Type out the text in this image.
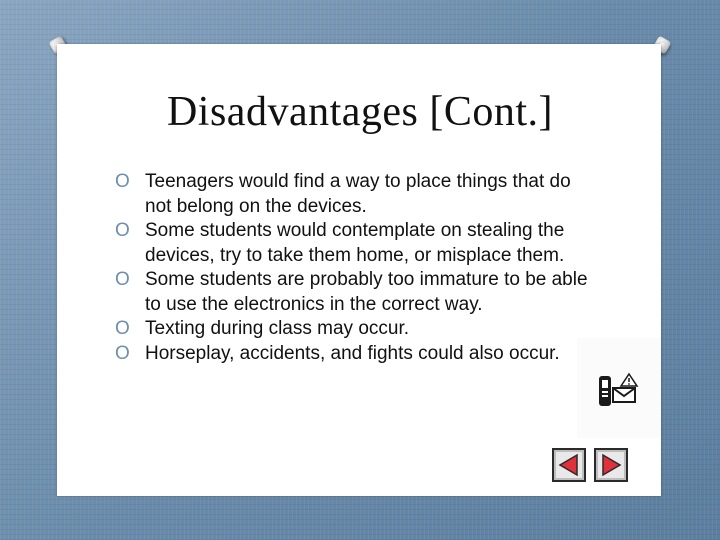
Disadvantages [Cont.]
O Teenagers would find a way to place things that do not belong on the devices.
O Some students would contemplate on stealing the devices, try to take them home, or misplace them.
O Some students are probably too immature to be able to use the electronics in the correct way.
O Texting during class may occur.
O Horseplay, accidents, and fights could also occur.
